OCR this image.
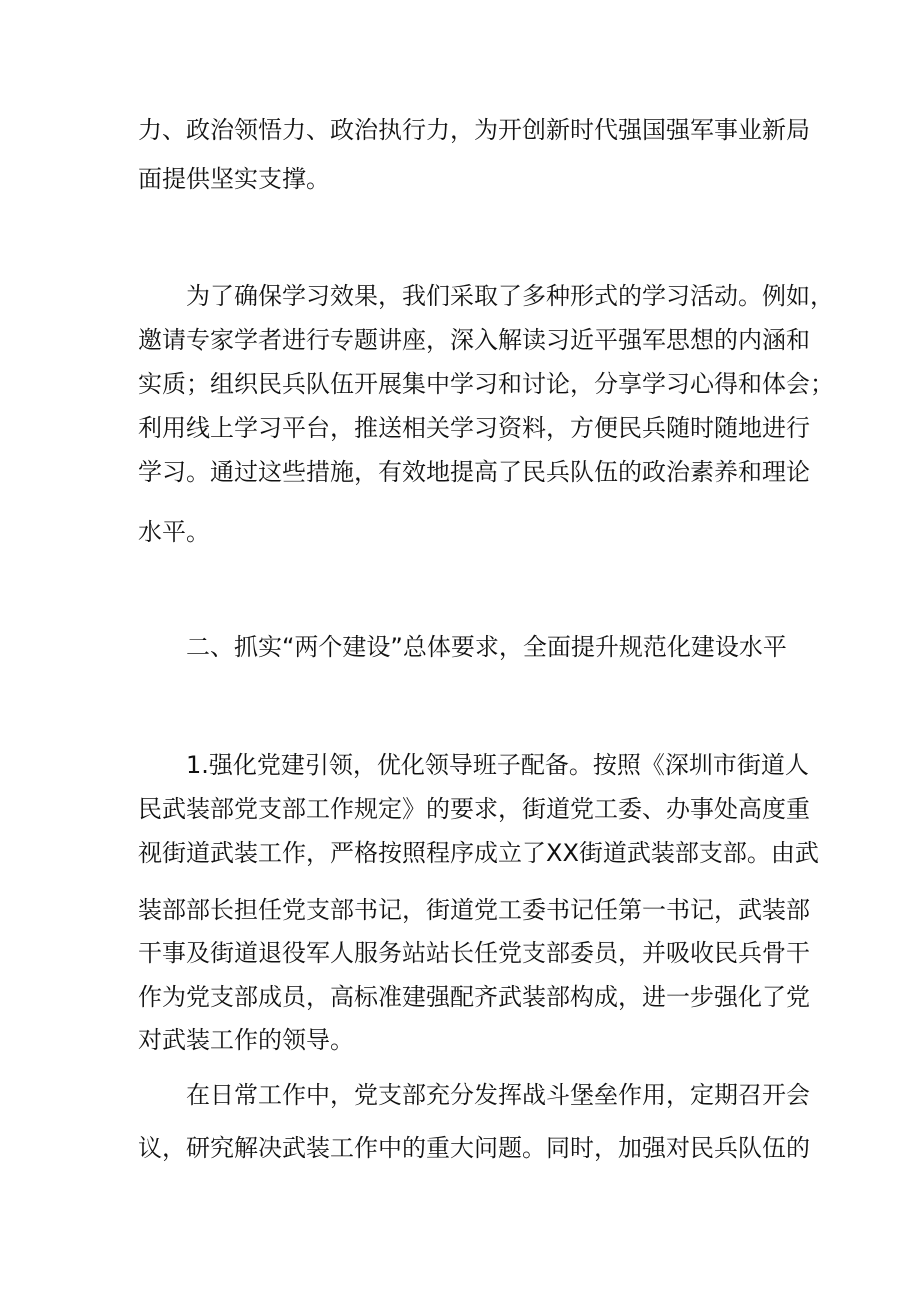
力、政治领悟力、政治执行力，为开创新时代强国强军事业新局
面提供坚实支撑。
为了确保学习效果，我们采取了多种形式的学习活动。例如，
邀请专家学者进行专题讲座，深入解读习近平强军思想的内涵和
实质；组织民兵队伍开展集中学习和讨论，分享学习心得和体会；
利用线上学习平台，推送相关学习资料，方便民兵随时随地进行
学习。通过这些措施，有效地提高了民兵队伍的政治素养和理论
水平。
二、抓实“两个建设”总体要求，全面提升规范化建设水平
1.强化党建引领，优化领导班子配备。按照《深圳市街道人
民武装部党支部工作规定》的要求，街道党工委、办事处高度重
视街道武装工作，严格按照程序成立了XX街道武装部支部。由武
装部部长担任党支部书记，街道党工委书记任第一书记，武装部
干事及街道退役军人服务站站长任党支部委员，并吸收民兵骨干
作为党支部成员，高标准建强配齐武装部构成，进一步强化了党
对武装工作的领导。
在日常工作中，党支部充分发挥战斗堡垒作用，定期召开会
议，研究解决武装工作中的重大问题。同时，加强对民兵队伍的
